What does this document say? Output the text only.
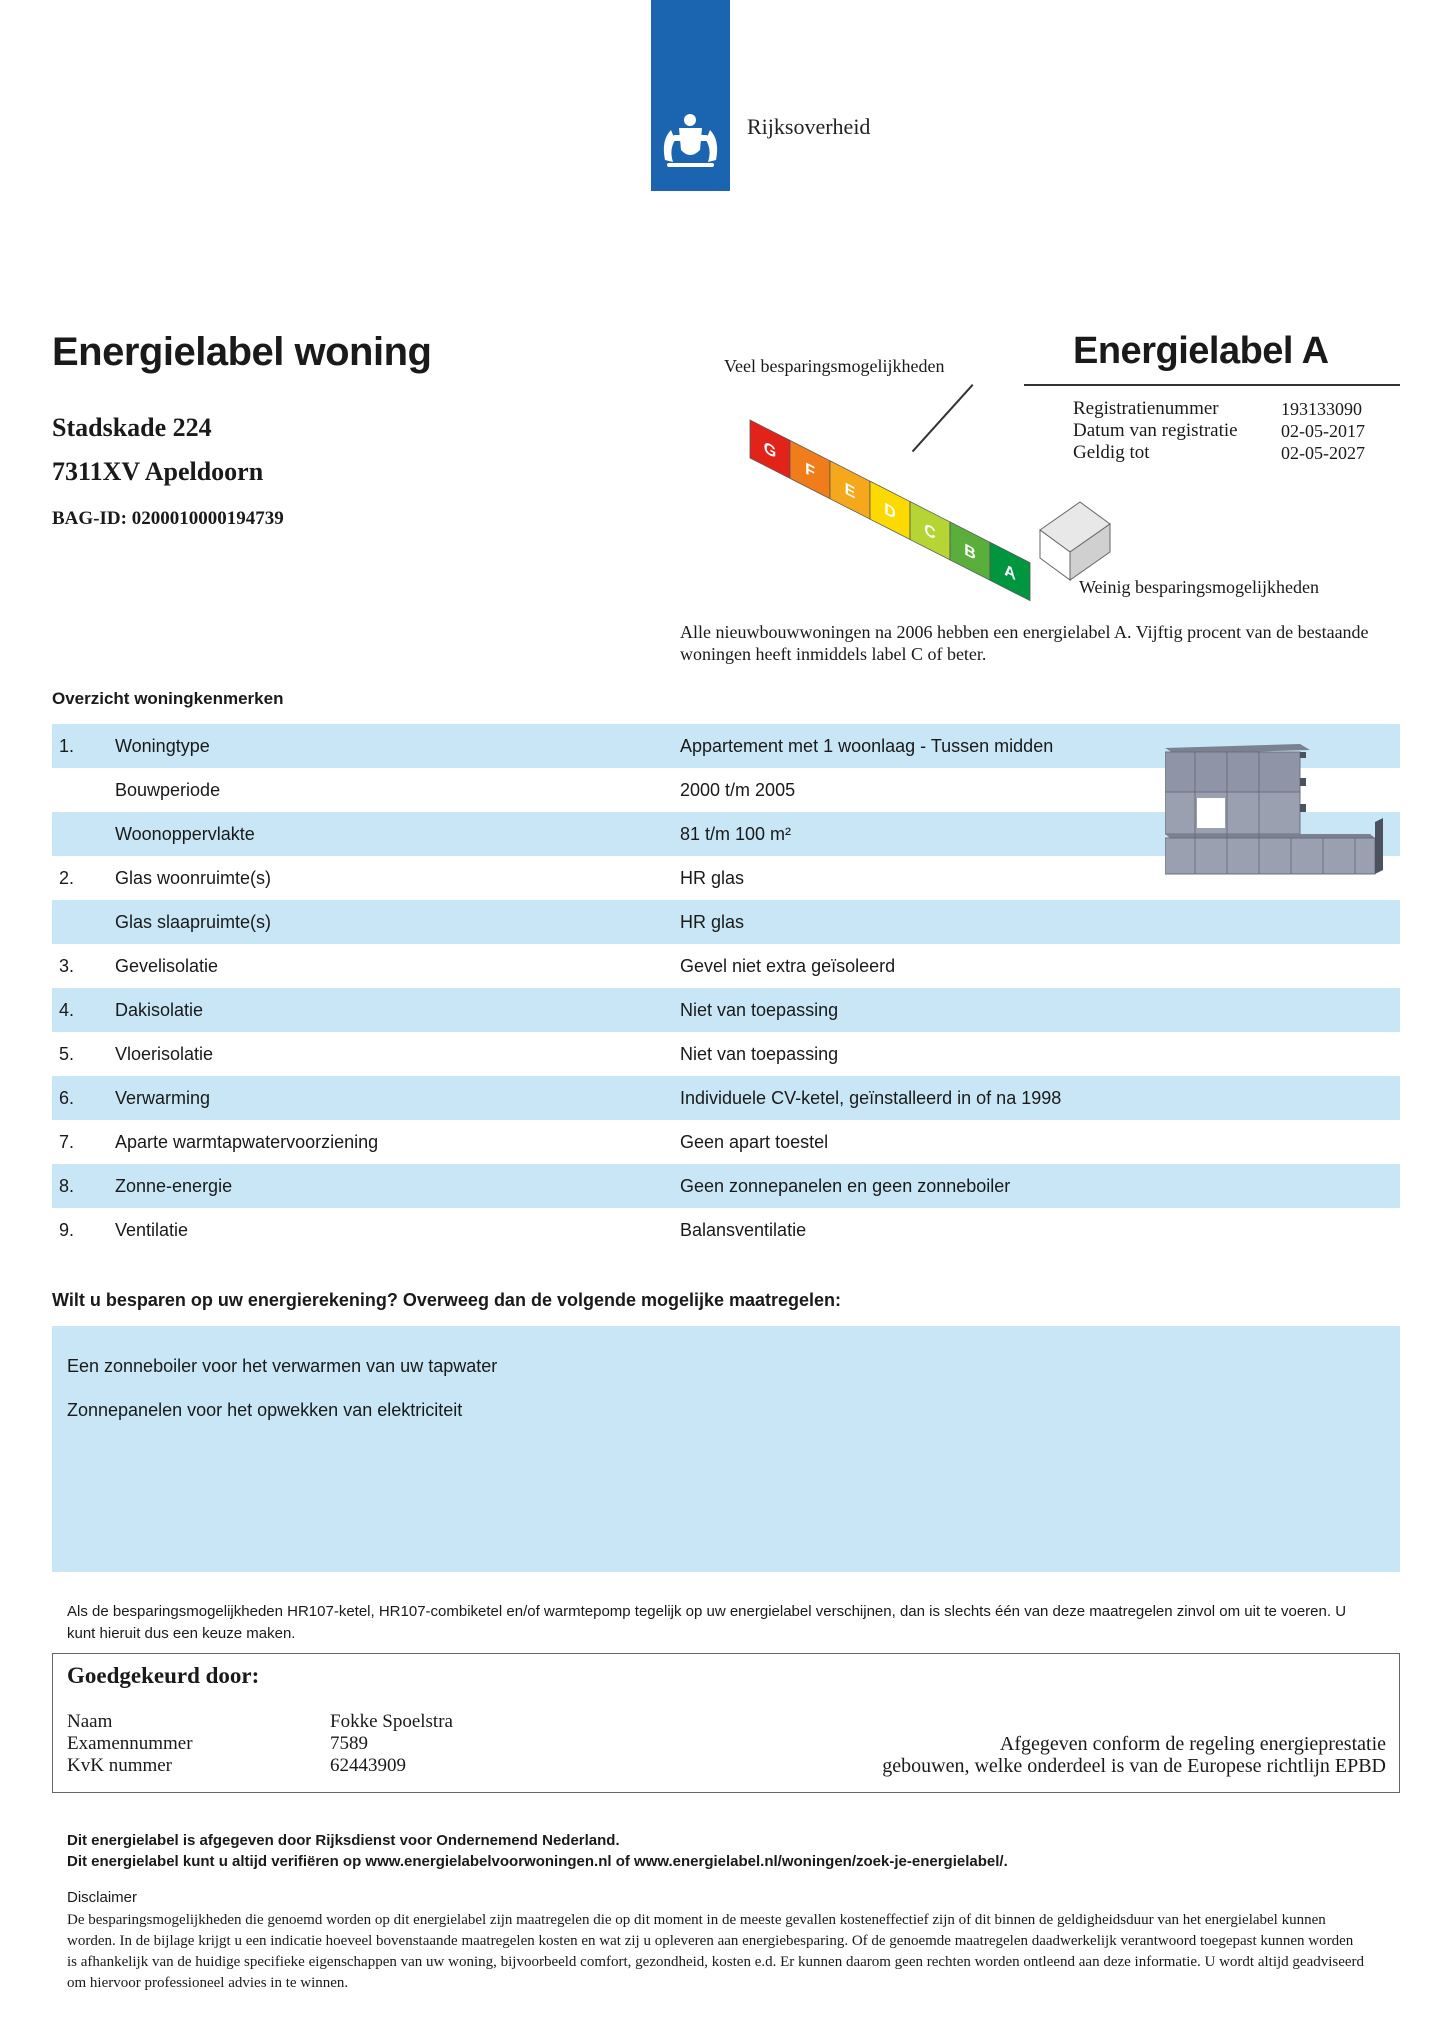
Rijksoverheid
Energielabel woning
Stadskade 224
7311XV Apeldoorn
BAG-ID: 0200010000194739
Veel besparingsmogelijkheden
G
F
E
D
C
B
A
Weinig besparingsmogelijkheden
Energielabel A
Registratienummer	193133090
Datum van registratie 02-05-2017
Geldig tot	02-05-2027
Alle nieuwbouwwoningen na 2006 hebben een energielabel A. Vijftig procent van de bestaande woningen heeft inmiddels label C of beter.
Overzicht woningkenmerken
1. Woningtype	Appartement met 1 woonlaag - Tussen midden
Bouwperiode	2000 t/m 2005
Woonoppervlakte	81 t/m 100 m²
2. Glas woonruimte(s)	HR glas
Glas slaapruimte(s)	HR glas
3. Gevelisolatie	Gevel niet extra geïsoleerd
4. Dakisolatie	Niet van toepassing
5. Vloerisolatie	Niet van toepassing
6. Verwarming	Individuele CV-ketel, geïnstalleerd in of na 1998
7. Aparte warmtapwatervoorziening	Geen apart toestel
8. Zonne-energie	Geen zonnepanelen en geen zonneboiler
9. Ventilatie	Balansventilatie
Wilt u besparen op uw energierekening? Overweeg dan de volgende mogelijke maatregelen:
Een zonneboiler voor het verwarmen van uw tapwater
Zonnepanelen voor het opwekken van elektriciteit
Als de besparingsmogelijkheden HR107-ketel, HR107-combiketel en/of warmtepomp tegelijk op uw energielabel verschijnen, dan is slechts één van deze maatregelen zinvol om uit te voeren. U kunt hieruit dus een keuze maken.
Goedgekeurd door:
Naam	Fokke Spoelstra
Examennummer	7589
KvK nummer	62443909
Afgegeven conform de regeling energieprestatie
gebouwen, welke onderdeel is van de Europese richtlijn EPBD
Dit energielabel is afgegeven door Rijksdienst voor Ondernemend Nederland.
Dit energielabel kunt u altijd verifiëren op www.energielabelvoorwoningen.nl of www.energielabel.nl/woningen/zoek-je-energielabel/.
Disclaimer
De besparingsmogelijkheden die genoemd worden op dit energielabel zijn maatregelen die op dit moment in de meeste gevallen kosteneffectief zijn of dit binnen de geldigheidsduur van het energielabel kunnen worden. In de bijlage krijgt u een indicatie hoeveel bovenstaande maatregelen kosten en wat zij u opleveren aan energiebesparing. Of de genoemde maatregelen daadwerkelijk verantwoord toegepast kunnen worden is afhankelijk van de huidige specifieke eigenschappen van uw woning, bijvoorbeeld comfort, gezondheid, kosten e.d. Er kunnen daarom geen rechten worden ontleend aan deze informatie. U wordt altijd geadviseerd om hiervoor professioneel advies in te winnen.
